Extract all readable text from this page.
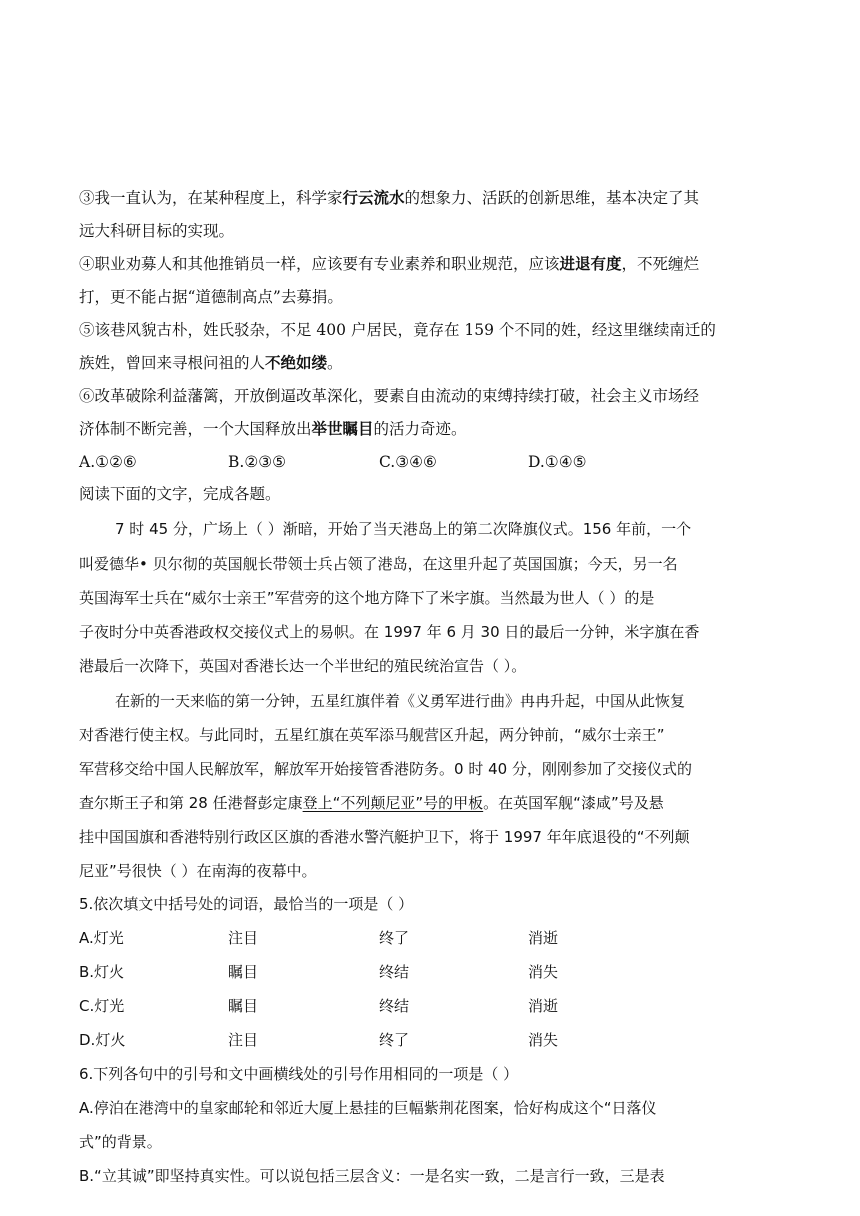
③我一直认为，在某种程度上，科学家行云流水的想象力、活跃的创新思维，基本决定了其
远大科研目标的实现。
④职业劝募人和其他推销员一样，应该要有专业素养和职业规范，应该进退有度，不死缠烂
打，更不能占据“道德制高点”去募捐。
⑤该巷风貌古朴，姓氏驳杂，不足 400 户居民，竟存在 159 个不同的姓，经这里继续南迁的
族姓，曾回来寻根问祖的人不绝如缕。
⑥改革破除利益藩篱，开放倒逼改革深化，要素自由流动的束缚持续打破，社会主义市场经
济体制不断完善，一个大国释放出举世瞩目的活力奇迹。
A.①②⑥	B.②③⑤	C.③④⑥	D.①④⑤
阅读下面的文字，完成各题。
7 时 45 分，广场上（ ）渐暗，开始了当天港岛上的第二次降旗仪式。156 年前，一个
叫爱德华• 贝尔彻的英国舰长带领士兵占领了港岛，在这里升起了英国国旗；今天，另一名
英国海军士兵在“威尔士亲王”军营旁的这个地方降下了米字旗。当然最为世人（ ）的是
子夜时分中英香港政权交接仪式上的易帜。在 1997 年 6 月 30 日的最后一分钟，米字旗在香
港最后一次降下，英国对香港长达一个半世纪的殖民统治宣告（ ）。
在新的一天来临的第一分钟，五星红旗伴着《义勇军进行曲》冉冉升起，中国从此恢复
对香港行使主权。与此同时，五星红旗在英军添马舰营区升起，两分钟前，“威尔士亲王”
军营移交给中国人民解放军，解放军开始接管香港防务。0 时 40 分，刚刚参加了交接仪式的
查尔斯王子和第 28 任港督彭定康登上“不列颠尼亚”号的甲板。在英国军舰“漆咸”号及悬
挂中国国旗和香港特别行政区区旗的香港水警汽艇护卫下，将于 1997 年年底退役的“不列颠
尼亚”号很快（ ）在南海的夜幕中。
5.依次填文中括号处的词语，最恰当的一项是（ ）
A.灯光	注目	终了	消逝
B.灯火	瞩目	终结	消失
C.灯光	瞩目	终结	消逝
D.灯火	注目	终了	消失
6.下列各句中的引号和文中画横线处的引号作用相同的一项是（ ）
A.停泊在港湾中的皇家邮轮和邻近大厦上悬挂的巨幅紫荆花图案，恰好构成这个“日落仪
式”的背景。
B.“立其诚”即坚持真实性。可以说包括三层含义：一是名实一致，二是言行一致，三是表
